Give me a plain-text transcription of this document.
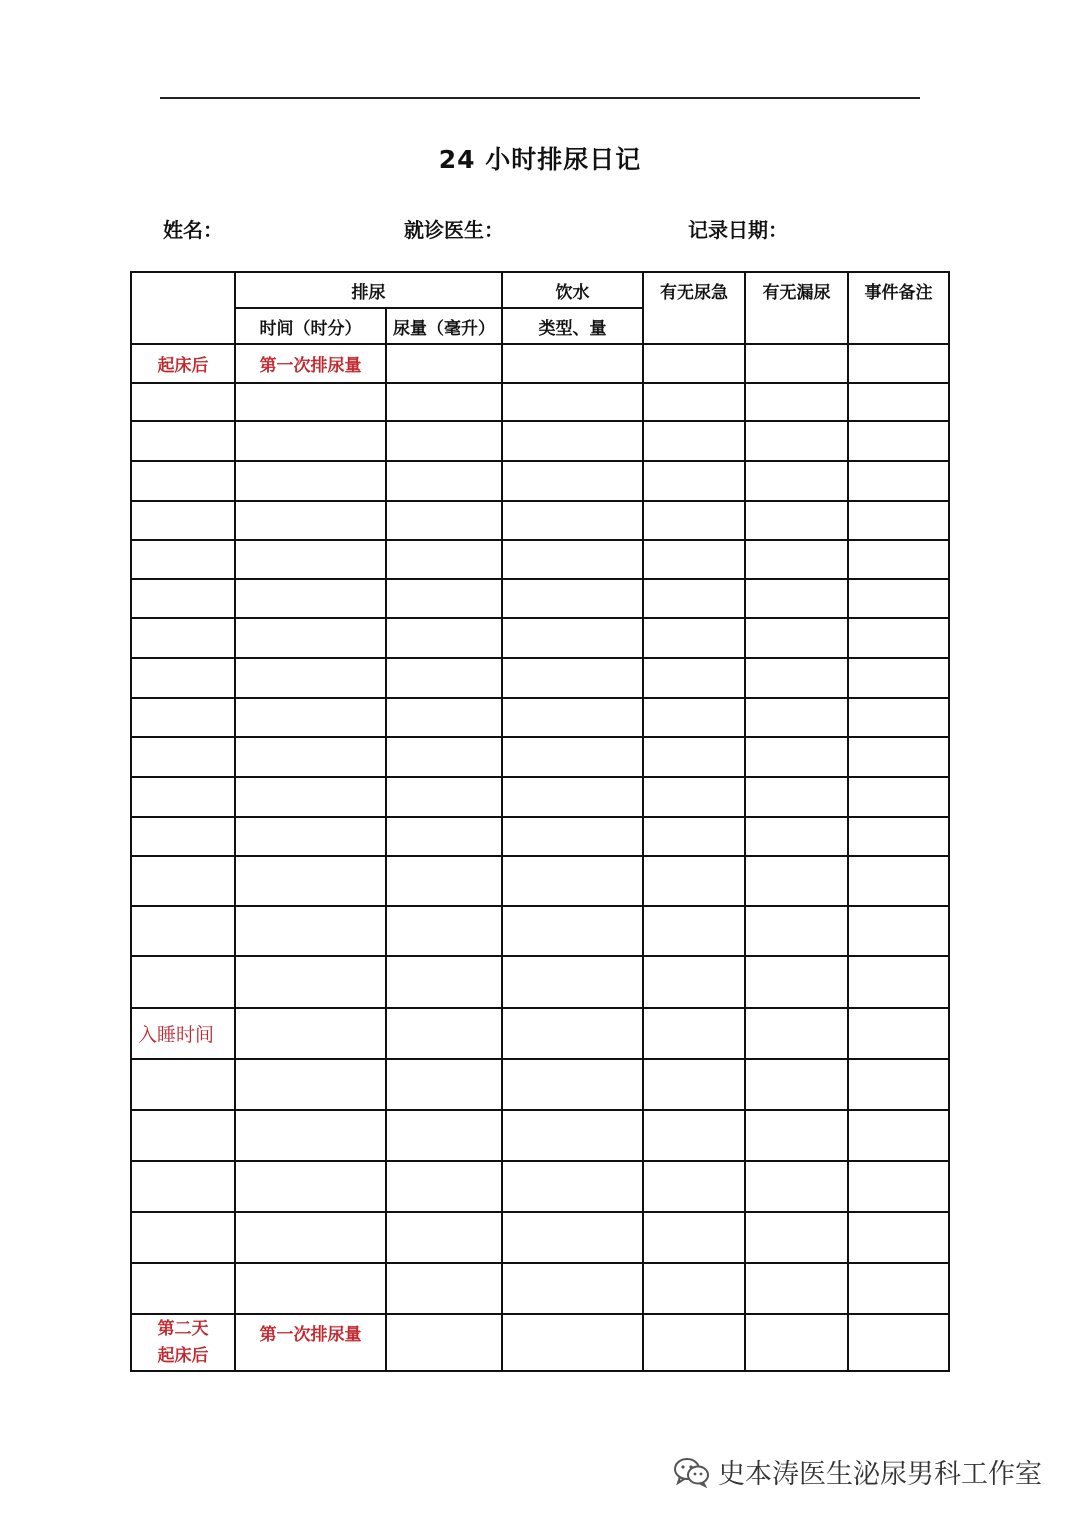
24 小时排尿日记
姓名：	就诊医生：	记录日期：
	排尿		饮水	有无尿急	有无漏尿	事件备注
	时间（时分）	尿量（毫升）	类型、量			
起床后	第一次排尿量					

入睡时间						

第二天
起床后	第一次排尿量					
史本涛医生泌尿男科工作室
